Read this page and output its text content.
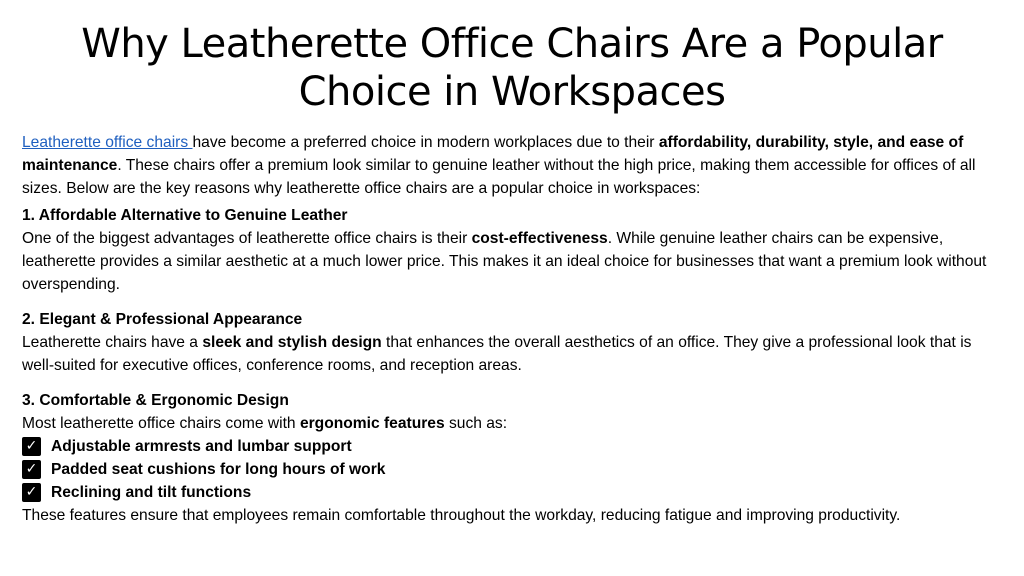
Why Leatherette Office Chairs Are a Popular Choice in Workspaces

Leatherette office chairs have become a preferred choice in modern workplaces due to their affordability, durability, style, and ease of maintenance. These chairs offer a premium look similar to genuine leather without the high price, making them accessible for offices of all sizes. Below are the key reasons why leatherette office chairs are a popular choice in workspaces:

1. Affordable Alternative to Genuine Leather

One of the biggest advantages of leatherette office chairs is their cost-effectiveness. While genuine leather chairs can be expensive, leatherette provides a similar aesthetic at a much lower price. This makes it an ideal choice for businesses that want a premium look without overspending.

2. Elegant & Professional Appearance

Leatherette chairs have a sleek and stylish design that enhances the overall aesthetics of an office. They give a professional look that is well-suited for executive offices, conference rooms, and reception areas.

3. Comfortable & Ergonomic Design

Most leatherette office chairs come with ergonomic features such as:

✓ Adjustable armrests and lumbar support
✓ Padded seat cushions for long hours of work
✓ Reclining and tilt functions

These features ensure that employees remain comfortable throughout the workday, reducing fatigue and improving productivity.
